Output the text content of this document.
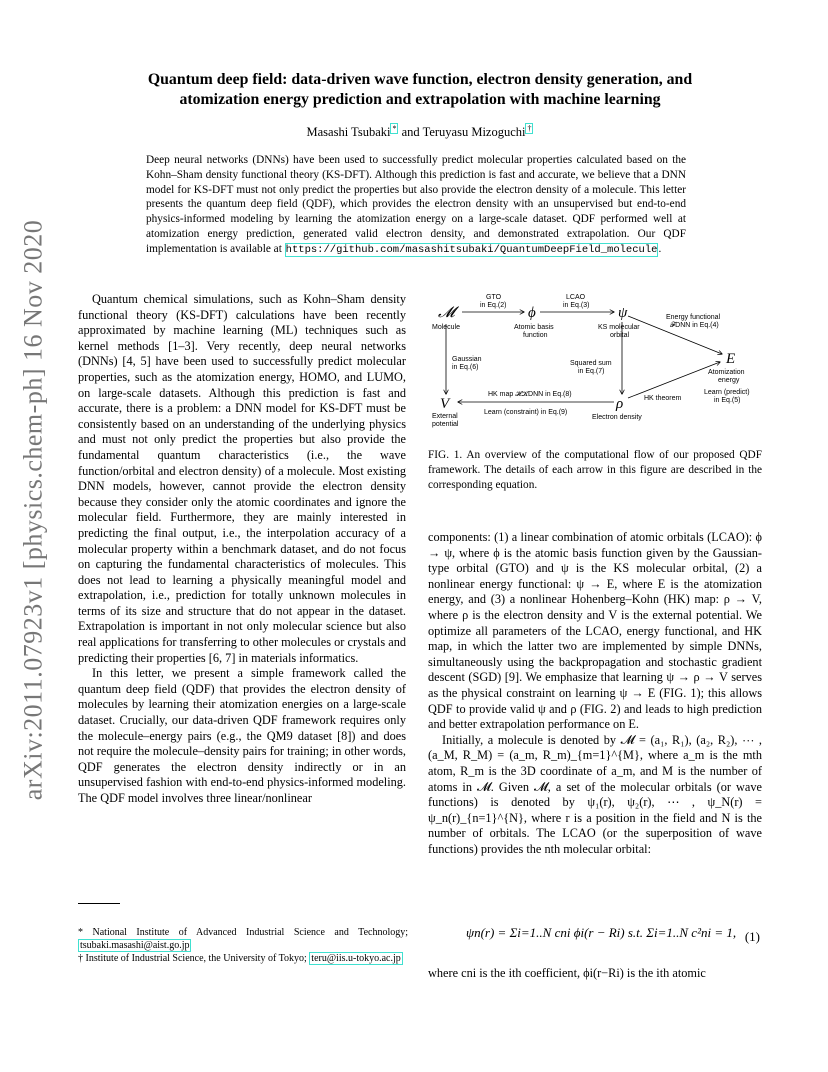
arXiv:2011.07923v1 [physics.chem-ph] 16 Nov 2020
Quantum deep field: data-driven wave function, electron density generation, and
atomization energy prediction and extrapolation with machine learning
Masashi Tsubaki * and Teruyasu Mizoguchi †
Deep neural networks (DNNs) have been used to successfully predict molecular properties calculated based on the Kohn–Sham density functional theory (KS-DFT). Although this prediction is fast and accurate, we believe that a DNN model for KS-DFT must not only predict the properties but also provide the electron density of a molecule. This letter presents the quantum deep field (QDF), which provides the electron density with an unsupervised but end-to-end physics-informed modeling by learning the atomization energy on a large-scale dataset. QDF performed well at atomization energy prediction, generated valid electron density, and demonstrated extrapolation. Our QDF implementation is available at https://github.com/masashitsubaki/QuantumDeepField_molecule.

Quantum chemical simulations, such as Kohn–Sham density functional theory (KS-DFT) calculations have been recently approximated by machine learning (ML) techniques such as kernel methods [1–3]. Very recently, deep neural networks (DNNs) [4, 5] have been used to successfully predict molecular properties, such as the atomization energy, HOMO, and LUMO, on large-scale datasets. Although this prediction is fast and accurate, there is a problem: a DNN model for KS-DFT must be consistently based on an understanding of the underlying physics and must not only predict the properties but also provide the fundamental quantum characteristics (i.e., the wave function/orbital and electron density) of a molecule. Most existing DNN models, however, cannot provide the electron density because they consider only the atomic coordinates and ignore the molecular field. Furthermore, they are mainly interested in predicting the final output, i.e., the interpolation accuracy of a molecular property within a benchmark dataset, and do not focus on capturing the fundamental characteristics of molecules. This does not lead to learning a physically meaningful model and extrapolation, i.e., prediction for totally unknown molecules in terms of its size and structure that do not appear in the dataset. Extrapolation is important in not only molecular science but also real applications for transferring to other molecules or crystals and predicting their properties [6, 7] in materials informatics.

In this letter, we present a simple framework called the quantum deep field (QDF) that provides the electron density of molecules by learning their atomization energies on a large-scale dataset. Crucially, our data-driven QDF framework requires only the molecule–energy pairs (e.g., the QM9 dataset [8]) and does not require the molecule–density pairs for training; in other words, QDF generates the electron density indirectly or in an unsupervised fashion with end-to-end physics-informed modeling. The QDF model involves three linear/nonlinear

𝓜	ϕ	ψ
E
V	ρ
GTO
in Eq.(2)
LCAO
in Eq.(3)
Molecule	Atomic basis
function
KS molecular
orbital
Energy functional
𝓕DNN in Eq.(4)
Atomization
energy
Gaussian
in Eq.(6)
Squared sum
in Eq.(7)
Learn (predict)
in Eq.(5)
HK map 𝓗𝓚DNN in Eq.(8)
HK theorem
External
potential
Learn (constraint) in Eq.(9)
Electron density
FIG. 1. An overview of the computational flow of our proposed QDF framework. The details of each arrow in this figure are described in the corresponding equation.

components: (1) a linear combination of atomic orbitals (LCAO): ϕ → ψ, where ϕ is the atomic basis function given by the Gaussian-type orbital (GTO) and ψ is the KS molecular orbital, (2) a nonlinear energy functional: ψ → E, where E is the atomization energy, and (3) a nonlinear Hohenberg–Kohn (HK) map: ρ → V, where ρ is the electron density and V is the external potential. We optimize all parameters of the LCAO, energy functional, and HK map, in which the latter two are implemented by simple DNNs, simultaneously using the backpropagation and stochastic gradient descent (SGD) [9]. We emphasize that learning ψ → ρ → V serves as the physical constraint on learning ψ → E (FIG. 1); this allows QDF to provide valid ψ and ρ (FIG. 2) and leads to high prediction and better extrapolation performance on E.

Initially, a molecule is denoted by 𝓜 = (a₁, R₁), (a₂, R₂), ⋯ , (a_M, R_M) = (a_m, R_m)_{m=1}^{M}, where a_m is the mth atom, R_m is the 3D coordinate of a_m, and M is the number of atoms in 𝓜. Given 𝓜, a set of the molecular orbitals (or wave functions) is denoted by ψ₁(r), ψ₂(r), ⋯ , ψ_N(r) = ψ_n(r)_{n=1}^{N}, where r is a position in the field and N is the number of orbitals. The LCAO (or the superposition of wave functions) provides the nth molecular orbital:

ψn(r) = Σi=1..N cni ϕi(r − Ri) s.t. Σi=1..N c²ni = 1, (1)
where cni is the ith coefficient, ϕi(r−Ri) is the ith atomic
* National Institute of Advanced Industrial Science and Technology; tsubaki.masashi@aist.go.jp
† Institute of Industrial Science, the University of Tokyo; teru@iis.u-tokyo.ac.jp
